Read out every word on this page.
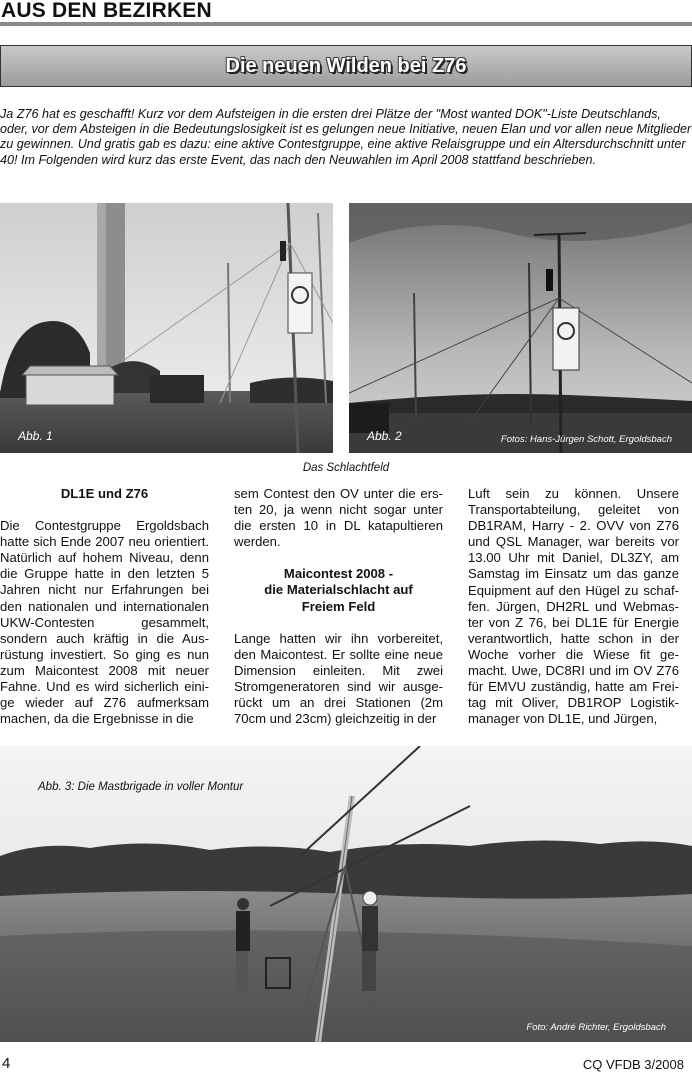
AUS DEN BEZIRKEN
Die neuen Wilden bei Z76

Ja Z76 hat es geschafft! Kurz vor dem Aufsteigen in die ersten drei Plätze der "Most wanted DOK"-Liste Deutschlands, oder, vor dem Absteigen in die Bedeutungslosigkeit ist es gelungen neue Initiative, neuen Elan und vor allen neue Mitglieder zu gewinnen. Und gratis gab es dazu: eine aktive Contestgruppe, eine aktive Relaisgruppe und ein Altersdurchschnitt unter 40! Im Folgenden wird kurz das erste Event, das nach den Neuwahlen im April 2008 stattfand beschrieben.

Abb. 1	Abb. 2	Fotos: Hans-Jürgen Schott, Ergoldsbach
Das Schlachtfeld
DL1E und Z76

Die Contestgruppe Ergoldsbach hatte sich Ende 2007 neu orientiert. Natürlich auf hohem Niveau, denn die Gruppe hatte in den letzten 5 Jahren nicht nur Erfahrungen bei den nationalen und internationalen UKW-Contesten gesammelt, sondern auch kräftig in die Ausrüstung investiert. So ging es nun zum Maicontest 2008 mit neuer Fahne. Und es wird sicherlich einige wieder auf Z76 aufmerksam machen, da die Ergebnisse in die

sem Contest den OV unter die ersten 20, ja wenn nicht sogar unter die ersten 10 in DL katapultieren werden.

Maicontest 2008 -
die Materialschlacht auf
Freiem Feld

Lange hatten wir ihn vorbereitet, den Maicontest. Er sollte eine neue Dimension einleiten. Mit zwei Stromgeneratoren sind wir ausgerückt um an drei Stationen (2m 70cm und 23cm) gleichzeitig in der

Luft sein zu können. Unsere Transportabteilung, geleitet von DB1RAM, Harry - 2. OVV von Z76 und QSL Manager, war bereits vor 13.00 Uhr mit Daniel, DL3ZY, am Samstag im Einsatz um das ganze Equipment auf den Hügel zu schaffen. Jürgen, DH2RL und Webmaster von Z 76, bei DL1E für Energie verantwortlich, hatte schon in der Woche vorher die Wiese fit gemacht. Uwe, DC8RI und im OV Z76 für EMVU zuständig, hatte am Freitag mit Oliver, DB1ROP Logistikmanager von DL1E, und Jürgen,

Abb. 3: Die Mastbrigade in voller Montur
Foto: André Richter, Ergoldsbach
4	CQ VFDB 3/2008
